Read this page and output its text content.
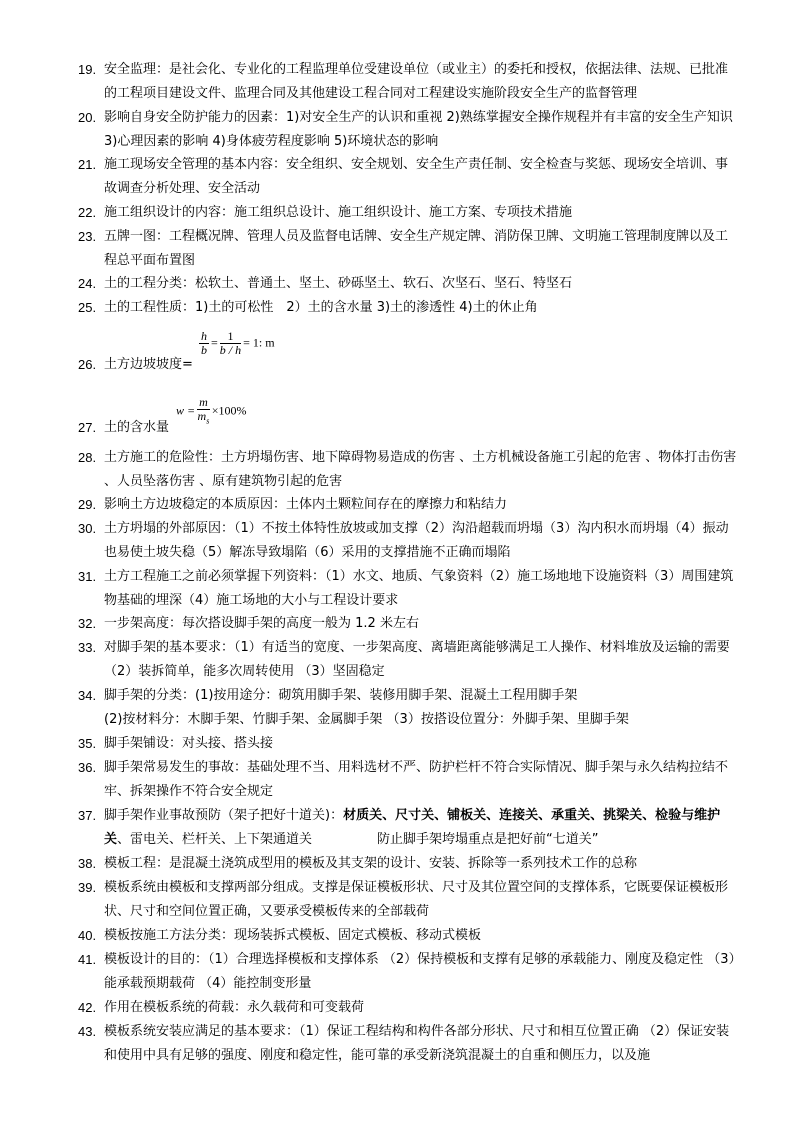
19. 安全监理：是社会化、专业化的工程监理单位受建设单位（或业主）的委托和授权，依据法律、法规、已批准的工程项目建设文件、监理合同及其他建设工程合同对工程建设实施阶段安全生产的监督管理
20. 影响自身安全防护能力的因素：1)对安全生产的认识和重视 2)熟练掌握安全操作规程并有丰富的安全生产知识 3)心理因素的影响 4)身体疲劳程度影响 5)环境状态的影响
21. 施工现场安全管理的基本内容：安全组织、安全规划、安全生产责任制、安全检查与奖惩、现场安全培训、事故调查分析处理、安全活动
22. 施工组织设计的内容：施工组织总设计、施工组织设计、施工方案、专项技术措施
23. 五牌一图：工程概况牌、管理人员及监督电话牌、安全生产规定牌、消防保卫牌、文明施工管理制度牌以及工程总平面布置图
24. 土的工程分类：松软土、普通土、坚土、砂砾坚土、软石、次坚石、坚石、特坚石
25. 土的工程性质：1)土的可松性　2）土的含水量 3)土的渗透性 4)土的休止角
26. 土方边坡坡度=
$\frac{h}{b} = \frac{1}{b / h} = 1$: m
27. 土的含水量
$w = \frac{m}{m_s} \times 100\%$
28. 土方施工的危险性：土方坍塌伤害、地下障碍物易造成的伤害 、土方机械设备施工引起的危害 、物体打击伤害 、人员坠落伤害 、原有建筑物引起的危害
29. 影响土方边坡稳定的本质原因：土体内土颗粒间存在的摩擦力和粘结力
30. 土方坍塌的外部原因：（1）不按土体特性放坡或加支撑（2）沟沿超载而坍塌（3）沟内积水而坍塌（4）振动也易使土坡失稳（5）解冻导致塌陷（6）采用的支撑措施不正确而塌陷
31. 土方工程施工之前必须掌握下列资料：（1）水文、地质、气象资料（2）施工场地地下设施资料（3）周围建筑物基础的埋深（4）施工场地的大小与工程设计要求
32. 一步架高度：每次搭设脚手架的高度一般为 1.2 米左右
33. 对脚手架的基本要求：（1）有适当的宽度、一步架高度、离墙距离能够满足工人操作、材料堆放及运输的需要（2）装拆简单，能多次周转使用 （3）坚固稳定
34. 脚手架的分类：(1)按用途分：砌筑用脚手架、装修用脚手架、混凝土工程用脚手架
(2)按材料分：木脚手架、竹脚手架、金属脚手架 （3）按搭设位置分：外脚手架、里脚手架
35. 脚手架铺设：对头接、搭头接
36. 脚手架常易发生的事故：基础处理不当、用料选材不严、防护栏杆不符合实际情况、脚手架与永久结构拉结不牢、拆架操作不符合安全规定
37. 脚手架作业事故预防（架子把好十道关)：材质关、尺寸关、铺板关、连接关、承重关、挑梁关、检验与维护关、雷电关、栏杆关、上下架通道关　　　　　防止脚手架垮塌重点是把好前“七道关”
38. 模板工程：是混凝土浇筑成型用的模板及其支架的设计、安装、拆除等一系列技术工作的总称
39. 模板系统由模板和支撑两部分组成。支撑是保证模板形状、尺寸及其位置空间的支撑体系，它既要保证模板形状、尺寸和空间位置正确，又要承受模板传来的全部载荷
40. 模板按施工方法分类：现场装拆式模板、固定式模板、移动式模板
41. 模板设计的目的：（1）合理选择模板和支撑体系 （2）保持模板和支撑有足够的承载能力、刚度及稳定性 （3）能承载预期载荷 （4）能控制变形量
42. 作用在模板系统的荷载：永久载荷和可变载荷
43. 模板系统安装应满足的基本要求：（1）保证工程结构和构件各部分形状、尺寸和相互位置正确 （2）保证安装和使用中具有足够的强度、刚度和稳定性，能可靠的承受新浇筑混凝土的自重和侧压力，以及施
